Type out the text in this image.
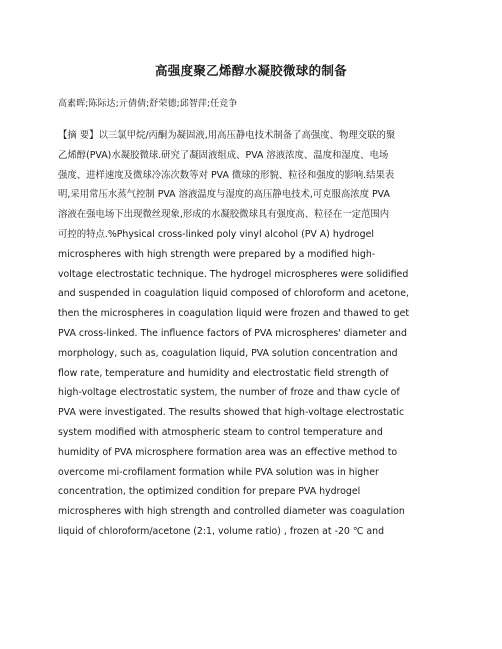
高强度聚乙烯醇水凝胶微球的制备
高素晖;陈际达;亓倩倩;舒荣德;邱智萍;任竞争

【摘 要】以三氯甲烷/丙酮为凝固液,用高压静电技术制备了高强度、物理交联的聚
乙烯醇(PVA)水凝胶微球.研究了凝固液组成、PVA 溶液浓度、温度和湿度、电场
强度、进样速度及微球冷冻次数等对 PVA 微球的形貌、粒径和强度的影响.结果表
明,采用常压水蒸气控制 PVA 溶液温度与湿度的高压静电技术,可克服高浓度 PVA
溶液在强电场下出现微丝现象,形成的水凝胶微球具有强度高、粒径在一定范围内
可控的特点.%Physical cross-linked poly vinyl alcohol (PV A) hydrogel
microspheres with high strength were prepared by a modified high-
voltage electrostatic technique. The hydrogel microspheres were solidified
and suspended in coagulation liquid composed of chloroform and acetone,
then the microspheres in coagulation liquid were frozen and thawed to get
PVA cross-linked. The influence factors of PVA microspheres' diameter and
morphology, such as, coagulation liquid, PVA solution concentration and
flow rate, temperature and humidity and electrostatic field strength of
high-voltage electrostatic system, the number of froze and thaw cycle of
PVA were investigated. The results showed that high-voltage electrostatic
system modified with atmospheric steam to control temperature and
humidity of PVA microsphere formation area was an effective method to
overcome mi-crofilament formation while PVA solution was in higher
concentration, the optimized condition for prepare PVA hydrogel
microspheres with high strength and controlled diameter was coagulation
liquid of chloroform/acetone (2:1, volume ratio) , frozen at -20 ℃ and
